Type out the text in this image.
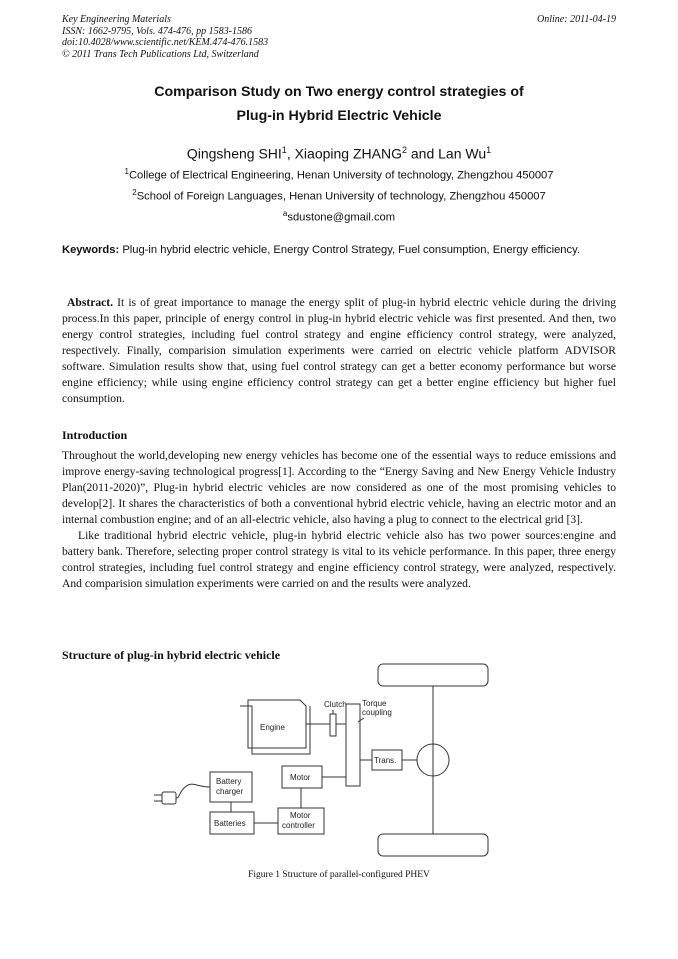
Key Engineering Materials
ISSN: 1662-9795, Vols. 474-476, pp 1583-1586
doi:10.4028/www.scientific.net/KEM.474-476.1583
© 2011 Trans Tech Publications Ltd, Switzerland
Online: 2011-04-19
Comparison Study on Two energy control strategies of
Plug-in Hybrid Electric Vehicle
Qingsheng SHI$^1$, Xiaoping ZHANG$^2$ and Lan Wu$^1$
$^1$College of Electrical Engineering, Henan University of technology, Zhengzhou 450007
$^2$School of Foreign Languages, Henan University of technology, Zhengzhou 450007
$^a$sdustone@gmail.com
Keywords: Plug-in hybrid electric vehicle, Energy Control Strategy, Fuel consumption, Energy efficiency.
Abstract. It is of great importance to manage the energy split of plug-in hybrid electric vehicle during the driving process.In this paper, principle of energy control in plug-in hybrid electric vehicle was first presented. And then, two energy control strategies, including fuel control strategy and engine efficiency control strategy, were analyzed, respectively. Finally, comparision simulation experiments were carried on electric vehicle platform ADVISOR software. Simulation results show that, using fuel control strategy can get a better economy performance but worse engine efficiency; while using engine efficiency control strategy can get a better engine efficiency but higher fuel consumption.
Introduction

Throughout the world,developing new energy vehicles has become one of the essential ways to reduce emissions and improve energy-saving technological progress[1]. According to the “Energy Saving and New Energy Vehicle Industry Plan(2011-2020)”, Plug-in hybrid electric vehicles are now considered as one of the most promising vehicles to develop[2]. It shares the characteristics of both a conventional hybrid electric vehicle, having an electric motor and an internal combustion engine; and of an all-electric vehicle, also having a plug to connect to the electrical grid [3].

Like traditional hybrid electric vehicle, plug-in hybrid electric vehicle also has two power sources:engine and battery bank. Therefore, selecting proper control strategy is vital to its vehicle performance. In this paper, three energy control strategies, including fuel control strategy and engine efficiency control strategy, were analyzed, respectively. And comparision simulation experiments were carried on and the results were analyzed.

Structure of plug-in hybrid electric vehicle
Engine
Clutch Torque
coupling
Trans.
Motor
Battery
charger
Batteries
Motor
controller
Figure 1 Structure of parallel-configured PHEV
